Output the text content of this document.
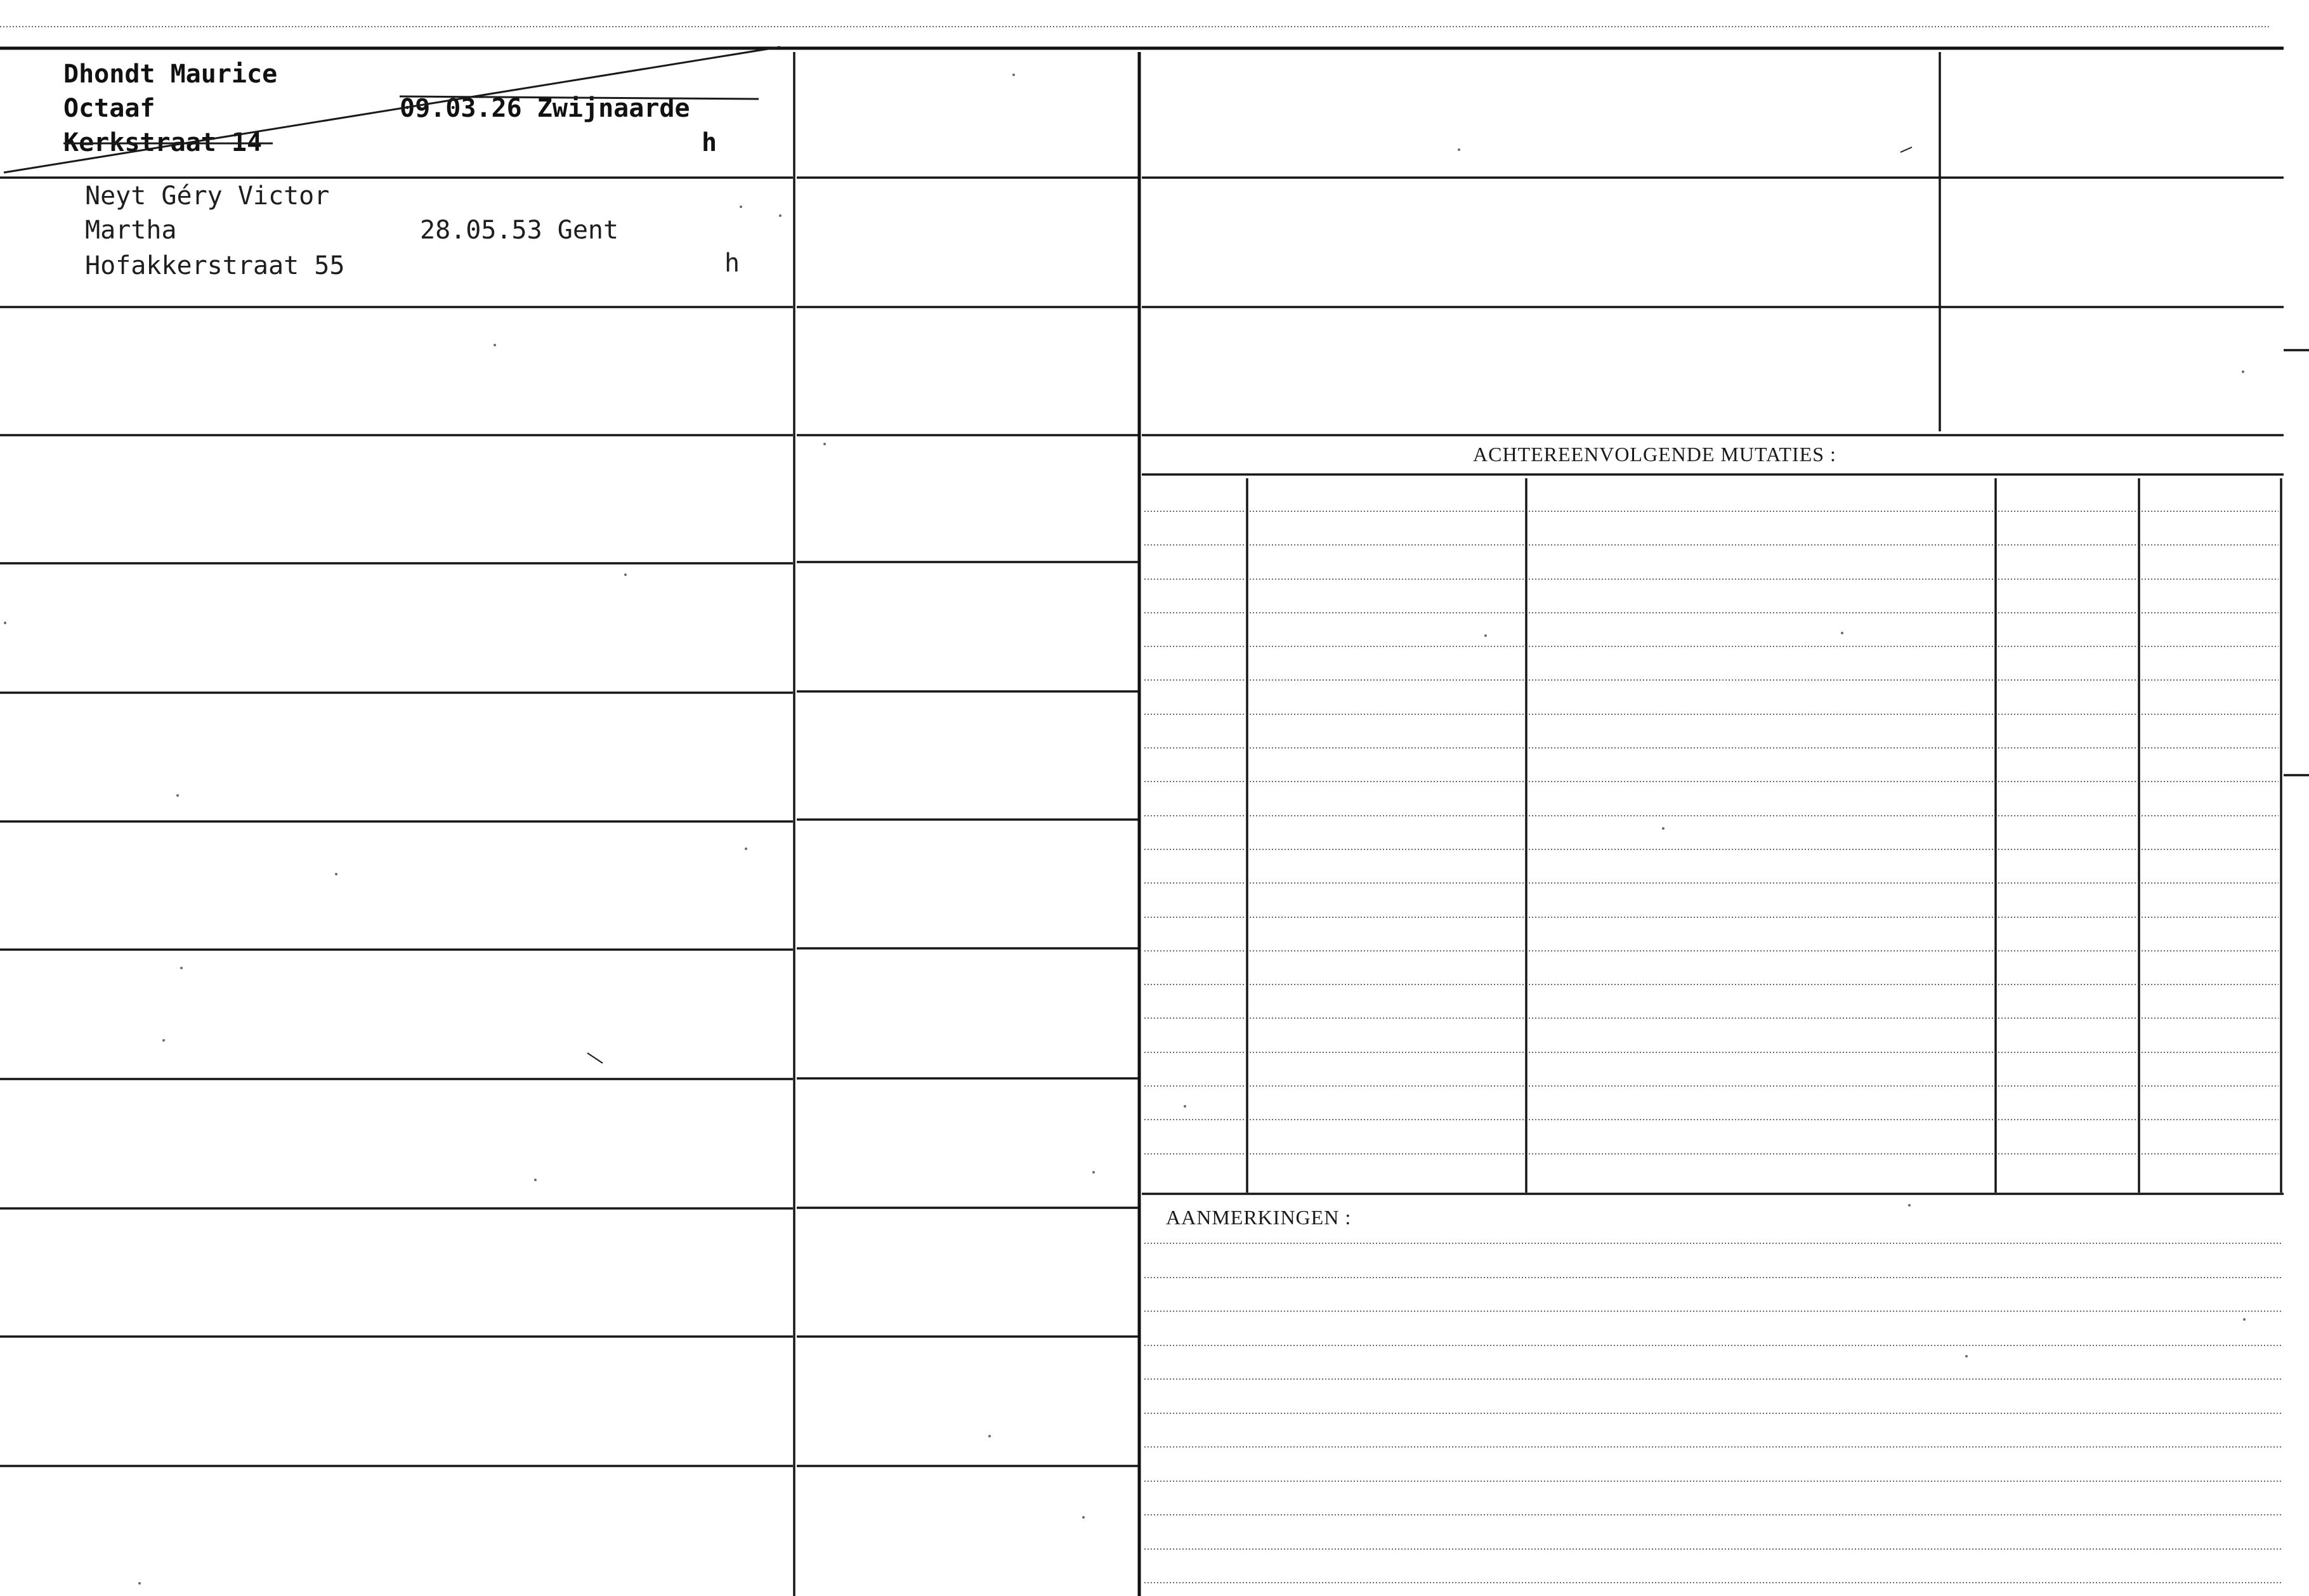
ACHTEREENVOLGENDE MUTATIES :
AANMERKINGEN :
Dhondt Maurice
Octaaf	09.03.26 Zwijnaarde
Kerkstraat 14	h
Neyt Géry Victor
Martha	28.05.53 Gent
Hofakkerstraat 55	h
